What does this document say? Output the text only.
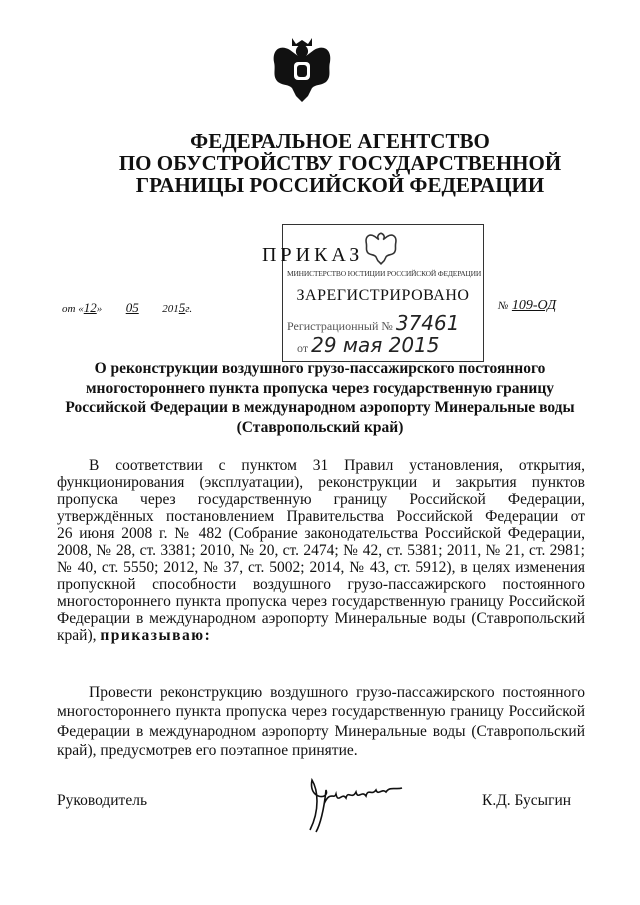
ФЕДЕРАЛЬНОЕ АГЕНТСТВО
ПО ОБУСТРОЙСТВУ ГОСУДАРСТВЕННОЙ
ГРАНИЦЫ РОССИЙСКОЙ ФЕДЕРАЦИИ
МИНИСТЕРСТВО ЮСТИЦИИ РОССИЙСКОЙ ФЕДЕРАЦИИ
ЗАРЕГИСТРИРОВАНО
Регистрационный № 37461
от 29 мая 2015
ПРИКАЗ
от «12» 05 2015г.	№ 109-ОД
О реконструкции воздушного грузо-пассажирского постоянного
многостороннего пункта пропуска через государственную границу
Российской Федерации в международном аэропорту Минеральные воды
(Ставропольский край)
В соответствии с пунктом 31 Правил установления, открытия,
функционирования (эксплуатации), реконструкции и закрытия пунктов
пропуска через государственную границу Российской Федерации,
утверждённых постановлением Правительства Российской Федерации от
26 июня 2008 г. № 482 (Собрание законодательства Российской Федерации,
2008, № 28, ст. 3381; 2010, № 20, ст. 2474; № 42, ст. 5381; 2011, № 21, ст. 2981;
№ 40, ст. 5550; 2012, № 37, ст. 5002; 2014, № 43, ст. 5912), в целях изменения
пропускной способности воздушного грузо-пассажирского постоянного
многостороннего пункта пропуска через государственную границу Российской
Федерации в международном аэропорту Минеральные воды (Ставропольский
край), приказываю:
Провести реконструкцию воздушного грузо-пассажирского постоянного
многостороннего пункта пропуска через государственную границу Российской
Федерации в международном аэропорту Минеральные воды (Ставропольский
край), предусмотрев его поэтапное принятие.
Руководитель	К.Д. Бусыгин
